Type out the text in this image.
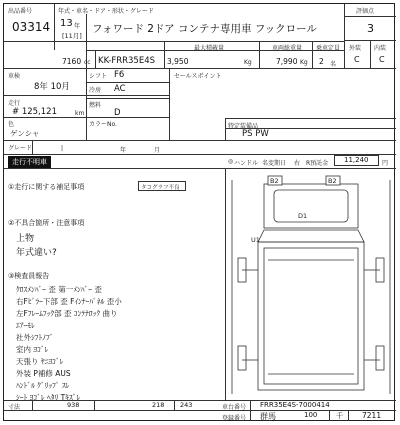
出品番号
03314
年式・車名・ドア・形状・グレード
13 年
[11月]
フォワード 2ドア コンテナ専用車 フックロール
評価点
3
外装 内装
C C
7160 cc KK-FRR35E4S
最大積載量
3,950	Kg
車両総重量
7,990 Kg
乗車定員
2 名
車検
8年 10月
走行
# 125,121	km
色
ゲンシャ
シフト F6
冷房 AC
燃料
D
カラーNo.
セールスポイント
グレード	|	年	月
特定装備品
PS PW
走行不明車	◎ ハンドル 名変期日 右 R預託金 11,240 円
①走行に関する補足事項	タコグラフ不良
②不具合箇所・注意事項
上物
年式違い?
③検査員報告
ｸﾛｽﾒﾝﾊﾞｰ 歪 第一ﾒﾝﾊﾞｰ 歪
右Fﾋﾟﾗｰ下部 歪 Fｲﾝﾅｰﾊﾟﾈﾙ 歪小
左Fﾌﾚｰﾑﾌｯｸ部 歪 ｺﾝﾃﾅﾛｯｸ 曲り
ｴｱｰﾓﾚ
社外ｼﾌﾄﾉﾌﾞ
室内 ﾖｺﾞﾚ
天張り ﾔﾆﾖｺﾞﾚ
外装 P補修 AUS
ﾊﾝﾄﾞﾙ ｸﾞﾘｯﾌﾟ ｽﾚ
ｼｰﾄ ﾖｺﾞﾚ ﾍﾀﾘ Tｷｽﾞﾚ
B2	B2
D1
U1
寸法	938	218 243	車台番号 FRR35E4S-7000414
登録番号 群馬	100	千	7211
